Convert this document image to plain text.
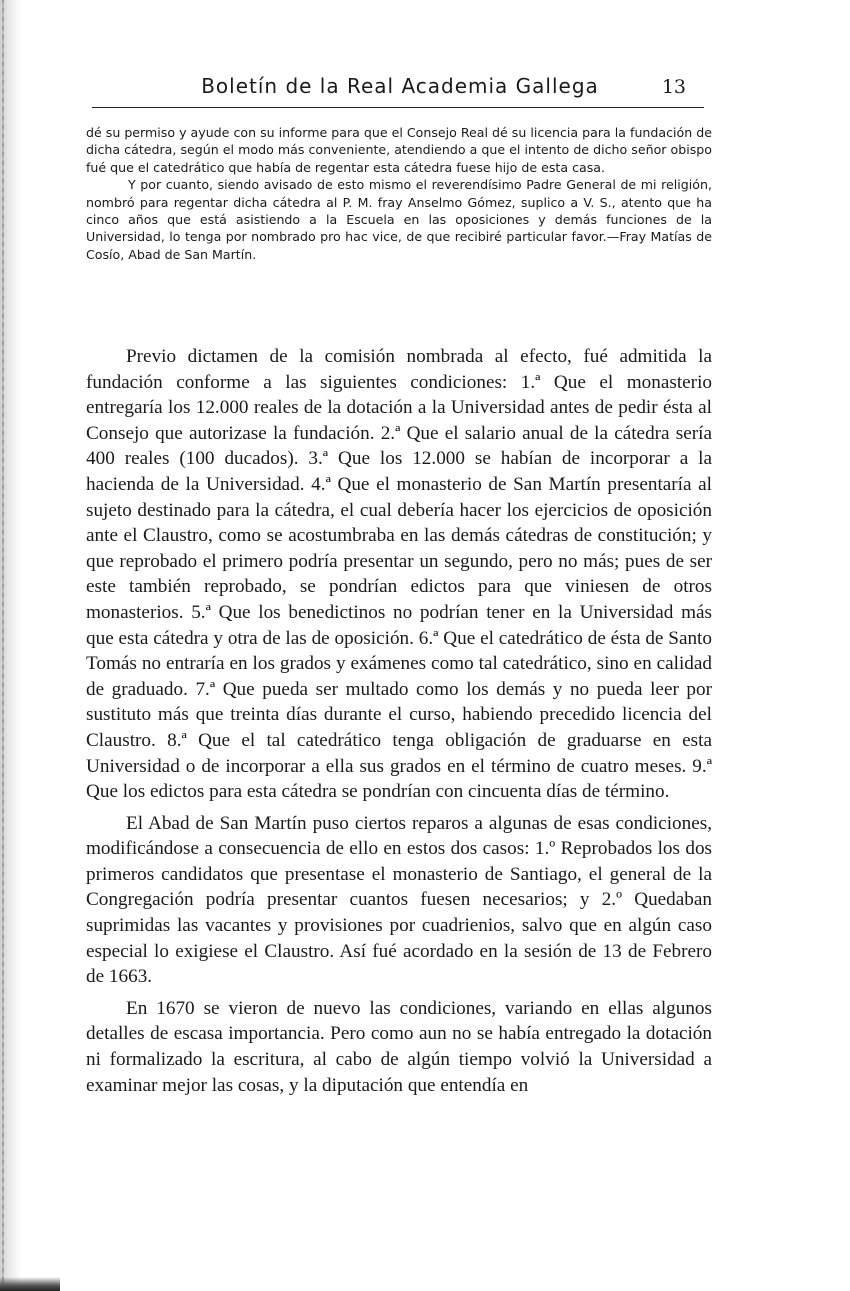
Boletín de la Real Academia Gallega	13

dé su permiso y ayude con su informe para que el Consejo Real dé su licencia para la fundación de dicha cátedra, según el modo más conveniente, atendiendo a que el intento de dicho señor obispo fué que el catedrático que había de regentar esta cátedra fuese hijo de esta casa.

Y por cuanto, siendo avisado de esto mismo el reverendísimo Padre General de mi religión, nombró para regentar dicha cátedra al P. M. fray Anselmo Gómez, suplico a V. S., atento que ha cinco años que está asistiendo a la Escuela en las oposiciones y demás funciones de la Universidad, lo tenga por nombrado pro hac vice, de que recibiré particular favor.—Fray Matías de Cosío, Abad de San Martín.

Previo dictamen de la comisión nombrada al efecto, fué admitida la fundación conforme a las siguientes condiciones: 1.ª Que el monasterio entregaría los 12.000 reales de la dotación a la Universidad antes de pedir ésta al Consejo que autorizase la fundación. 2.ª Que el salario anual de la cátedra sería 400 reales (100 ducados). 3.ª Que los 12.000 se habían de incorporar a la hacienda de la Universidad. 4.ª Que el monasterio de San Martín presentaría al sujeto destinado para la cátedra, el cual debería hacer los ejercicios de oposición ante el Claustro, como se acostumbraba en las demás cátedras de constitución; y que reprobado el primero podría presentar un segundo, pero no más; pues de ser este también reprobado, se pondrían edictos para que viniesen de otros monasterios. 5.ª Que los benedictinos no podrían tener en la Universidad más que esta cátedra y otra de las de oposición. 6.ª Que el catedrático de ésta de Santo Tomás no entraría en los grados y exámenes como tal catedrático, sino en calidad de graduado. 7.ª Que pueda ser multado como los demás y no pueda leer por sustituto más que treinta días durante el curso, habiendo precedido licencia del Claustro. 8.ª Que el tal catedrático tenga obligación de graduarse en esta Universidad o de incorporar a ella sus grados en el término de cuatro meses. 9.ª Que los edictos para esta cátedra se pondrían con cincuenta días de término.

El Abad de San Martín puso ciertos reparos a algunas de esas condiciones, modificándose a consecuencia de ello en estos dos casos: 1.º Reprobados los dos primeros candidatos que presentase el monasterio de Santiago, el general de la Congregación podría presentar cuantos fuesen necesarios; y 2.º Quedaban suprimidas las vacantes y provisiones por cuadrienios, salvo que en algún caso especial lo exigiese el Claustro. Así fué acordado en la sesión de 13 de Febrero de 1663.

En 1670 se vieron de nuevo las condiciones, variando en ellas algunos detalles de escasa importancia. Pero como aun no se había entregado la dotación ni formalizado la escritura, al cabo de algún tiempo volvió la Universidad a examinar mejor las cosas, y la diputación que entendía en
